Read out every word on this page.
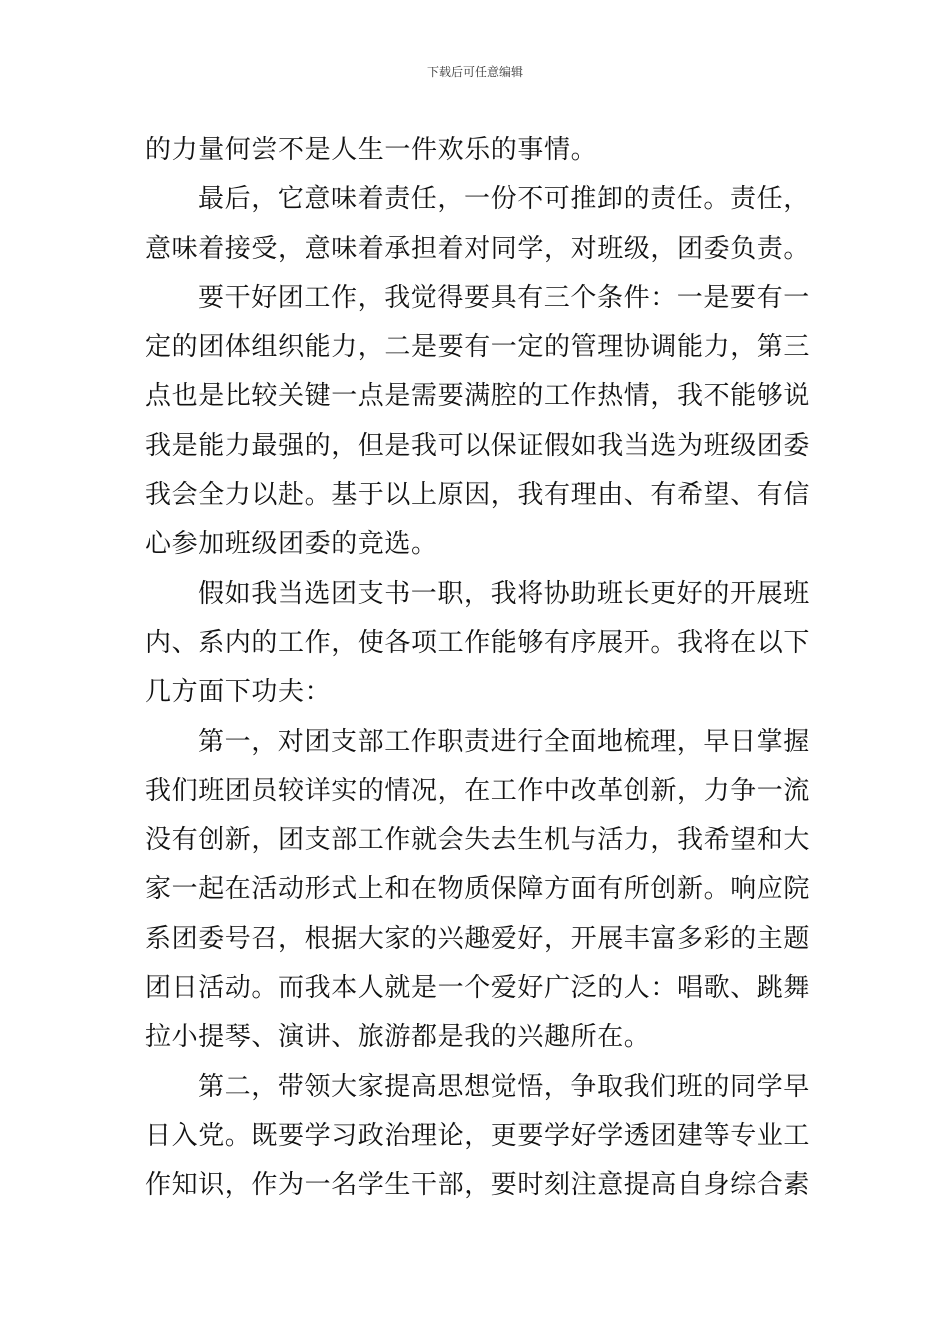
下载后可任意编辑
的力量何尝不是人生一件欢乐的事情。
最后，它意味着责任，一份不可推卸的责任。责任，
意味着接受，意味着承担着对同学，对班级，团委负责。
要干好团工作，我觉得要具有三个条件：一是要有一
定的团体组织能力，二是要有一定的管理协调能力，第三
点也是比较关键一点是需要满腔的工作热情，我不能够说
我是能力最强的，但是我可以保证假如我当选为班级团委
我会全力以赴。基于以上原因，我有理由、有希望、有信
心参加班级团委的竞选。
假如我当选团支书一职，我将协助班长更好的开展班
内、系内的工作，使各项工作能够有序展开。我将在以下
几方面下功夫：
第一，对团支部工作职责进行全面地梳理，早日掌握
我们班团员较详实的情况，在工作中改革创新，力争一流
没有创新，团支部工作就会失去生机与活力，我希望和大
家一起在活动形式上和在物质保障方面有所创新。响应院
系团委号召，根据大家的兴趣爱好，开展丰富多彩的主题
团日活动。而我本人就是一个爱好广泛的人：唱歌、跳舞
拉小提琴、演讲、旅游都是我的兴趣所在。
第二，带领大家提高思想觉悟，争取我们班的同学早
日入党。既要学习政治理论，更要学好学透团建等专业工
作知识，作为一名学生干部，要时刻注意提高自身综合素
